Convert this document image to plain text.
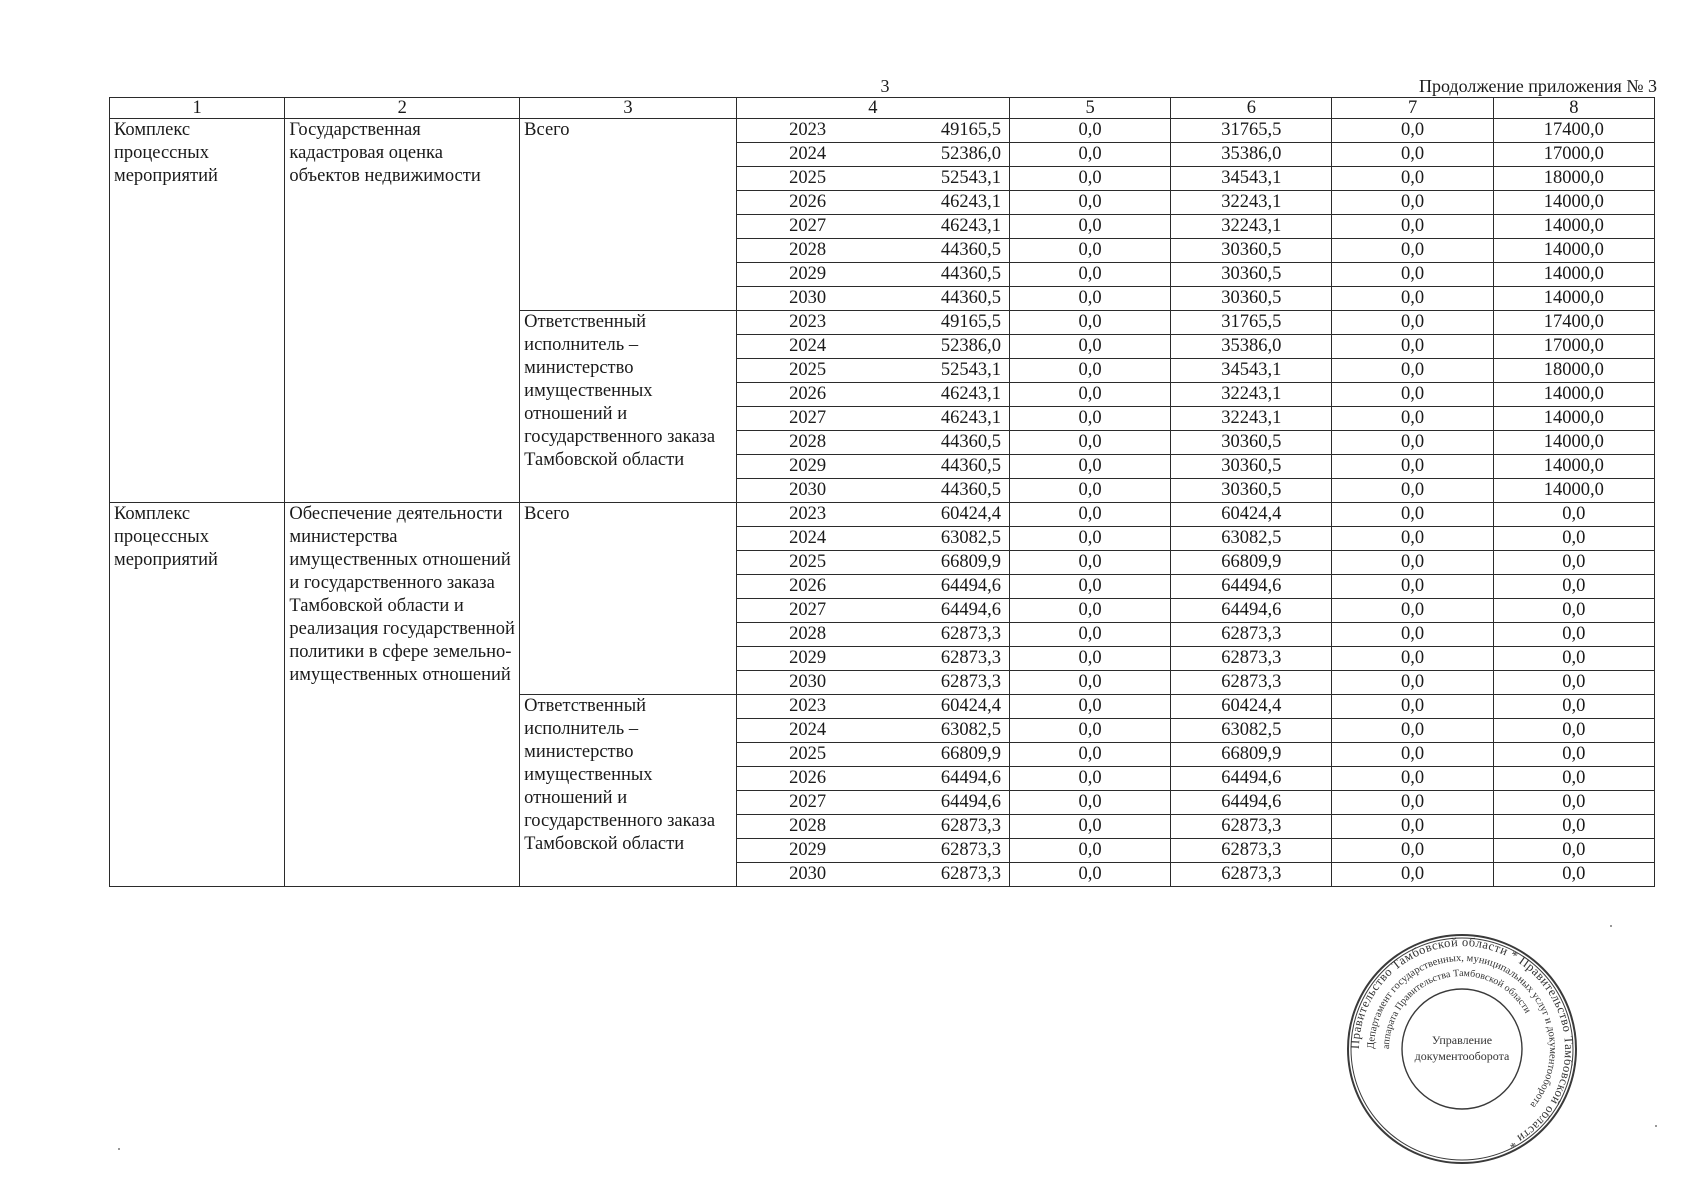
3	Продолжение приложения № 3
1	2	3	4		5	6	7	8
Комплекс процессных мероприятий	Государственная кадастровая оценка объектов недвижимости	Всего	2023	49165,5	0,0	31765,5	0,0	17400,0
			2024	52386,0	0,0	35386,0	0,0	17000,0
			2025	52543,1	0,0	34543,1	0,0	18000,0
			2026	46243,1	0,0	32243,1	0,0	14000,0
			2027	46243,1	0,0	32243,1	0,0	14000,0
			2028	44360,5	0,0	30360,5	0,0	14000,0
			2029	44360,5	0,0	30360,5	0,0	14000,0
			2030	44360,5	0,0	30360,5	0,0	14000,0
		Ответственный исполнитель – министерство имущественных отношений и государственного заказа Тамбовской области	2023	49165,5	0,0	31765,5	0,0	17400,0
			2024	52386,0	0,0	35386,0	0,0	17000,0
			2025	52543,1	0,0	34543,1	0,0	18000,0
			2026	46243,1	0,0	32243,1	0,0	14000,0
			2027	46243,1	0,0	32243,1	0,0	14000,0
			2028	44360,5	0,0	30360,5	0,0	14000,0
			2029	44360,5	0,0	30360,5	0,0	14000,0
			2030	44360,5	0,0	30360,5	0,0	14000,0
Комплекс процессных мероприятий	Обеспечение деятельности министерства имущественных отношений и государственного заказа Тамбовской области и реализация государственной политики в сфере земельно-имущественных отношений	Всего	2023	60424,4	0,0	60424,4	0,0	0,0
			2024	63082,5	0,0	63082,5	0,0	0,0
			2025	66809,9	0,0	66809,9	0,0	0,0
			2026	64494,6	0,0	64494,6	0,0	0,0
			2027	64494,6	0,0	64494,6	0,0	0,0
			2028	62873,3	0,0	62873,3	0,0	0,0
			2029	62873,3	0,0	62873,3	0,0	0,0
			2030	62873,3	0,0	62873,3	0,0	0,0
		Ответственный исполнитель – министерство имущественных отношений и государственного заказа Тамбовской области	2023	60424,4	0,0	60424,4	0,0	0,0
			2024	63082,5	0,0	63082,5	0,0	0,0
			2025	66809,9	0,0	66809,9	0,0	0,0
			2026	64494,6	0,0	64494,6	0,0	0,0
			2027	64494,6	0,0	64494,6	0,0	0,0
			2028	62873,3	0,0	62873,3	0,0	0,0
			2029	62873,3	0,0	62873,3	0,0	0,0
			2030	62873,3	0,0	62873,3	0,0	0,0
Правительство Тамбовской области * Правительство Тамбовской области *
Департамент государственных, муниципальных услуг и документооборота
аппарата Правительства Тамбовской области
Управление
документооборота
